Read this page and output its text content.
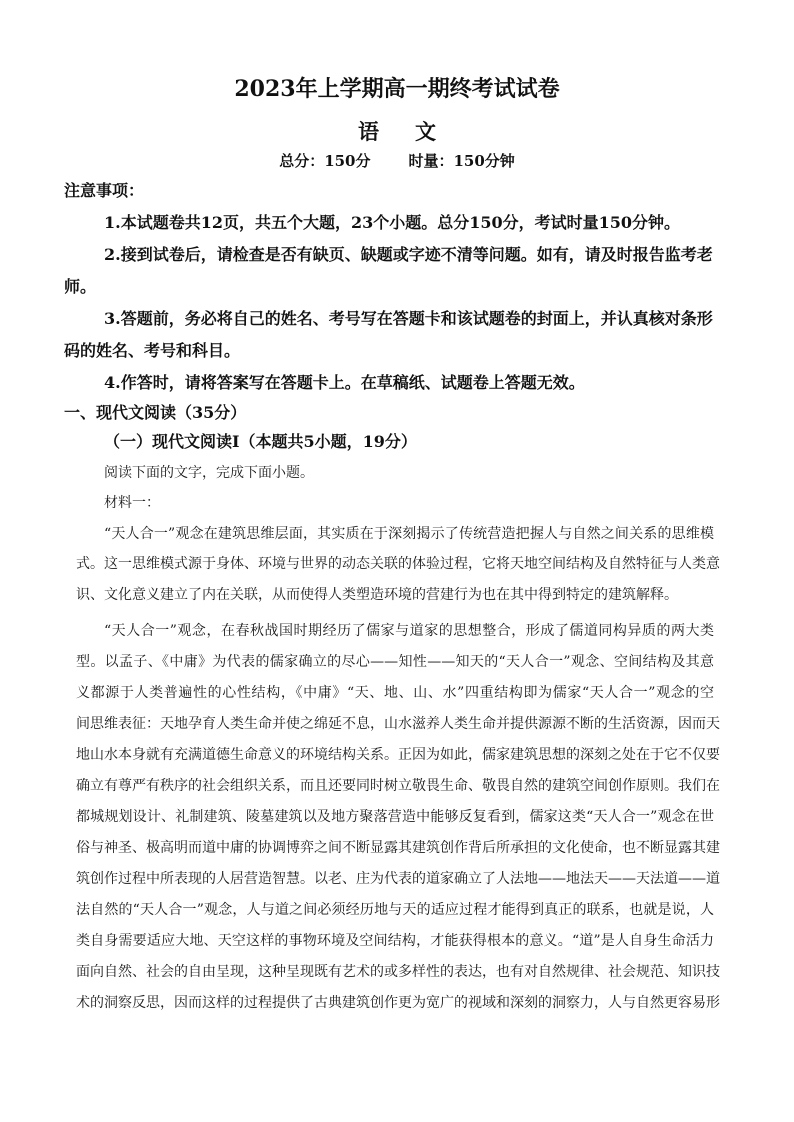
2023年上学期高一期终考试试卷
语文
总分：150分	时量：150分钟
注意事项：
1.本试题卷共12页，共五个大题，23个小题。总分150分，考试时量150分钟。
2.接到试卷后，请检查是否有缺页、缺题或字迹不清等问题。如有，请及时报告监考老
师。
3.答题前，务必将自己的姓名、考号写在答题卡和该试题卷的封面上，并认真核对条形
码的姓名、考号和科目。
4.作答时，请将答案写在答题卡上。在草稿纸、试题卷上答题无效。
一、现代文阅读（35分）
（一）现代文阅读Ⅰ（本题共5小题，19分）
阅读下面的文字，完成下面小题。
材料一：
“天人合一”观念在建筑思维层面，其实质在于深刻揭示了传统营造把握人与自然之间关系的思维模
式。这一思维模式源于身体、环境与世界的动态关联的体验过程，它将天地空间结构及自然特征与人类意
识、文化意义建立了内在关联，从而使得人类塑造环境的营建行为也在其中得到特定的建筑解释。
“天人合一”观念，在春秋战国时期经历了儒家与道家的思想整合，形成了儒道同构异质的两大类
型。以孟子、《中庸》为代表的儒家确立的尽心——知性——知天的“天人合一”观念、空间结构及其意
义都源于人类普遍性的心性结构，《中庸》“天、地、山、水”四重结构即为儒家“天人合一”观念的空
间思维表征：天地孕育人类生命并使之绵延不息，山水滋养人类生命并提供源源不断的生活资源，因而天
地山水本身就有充满道德生命意义的环境结构关系。正因为如此，儒家建筑思想的深刻之处在于它不仅要
确立有尊严有秩序的社会组织关系，而且还要同时树立敬畏生命、敬畏自然的建筑空间创作原则。我们在
都城规划设计、礼制建筑、陵墓建筑以及地方聚落营造中能够反复看到，儒家这类“天人合一”观念在世
俗与神圣、极高明而道中庸的协调博弈之间不断显露其建筑创作背后所承担的文化使命，也不断显露其建
筑创作过程中所表现的人居营造智慧。以老、庄为代表的道家确立了人法地——地法天——天法道——道
法自然的“天人合一”观念，人与道之间必须经历地与天的适应过程才能得到真正的联系，也就是说，人
类自身需要适应大地、天空这样的事物环境及空间结构，才能获得根本的意义。“道”是人自身生命活力
面向自然、社会的自由呈现，这种呈现既有艺术的或多样性的表达，也有对自然规律、社会规范、知识技
术的洞察反思，因而这样的过程提供了古典建筑创作更为宽广的视域和深刻的洞察力，人与自然更容易形
